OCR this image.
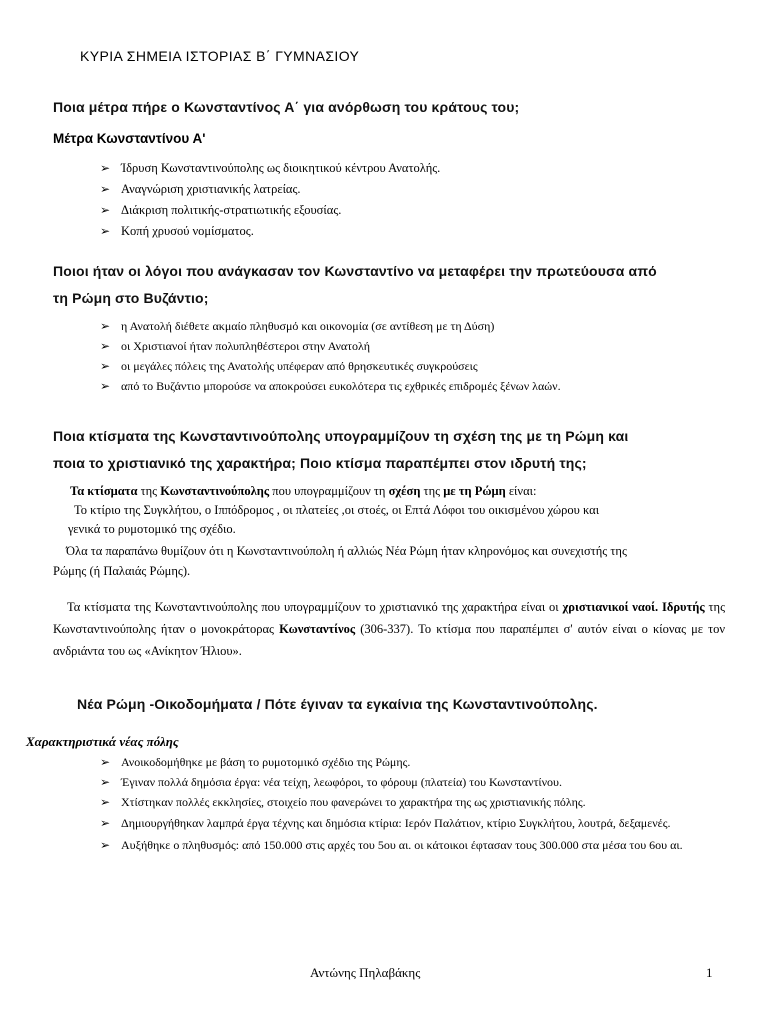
ΚΥΡΙΑ ΣΗΜΕΙΑ ΙΣΤΟΡΙΑΣ Β΄ ΓΥΜΝΑΣΙΟΥ
Ποια μέτρα πήρε ο Κωνσταντίνος Α΄ για ανόρθωση του κράτους του;
Μέτρα Κωνσταντίνου Α'
➢ Ίδρυση Κωνσταντινούπολης ως διοικητικού κέντρου Ανατολής.
➢ Αναγνώριση χριστιανικής λατρείας.
➢ Διάκριση πολιτικής-στρατιωτικής εξουσίας.
➢ Κοπή χρυσού νομίσματος.
Ποιοι ήταν οι λόγοι που ανάγκασαν τον Κωνσταντίνο να μεταφέρει την πρωτεύουσα από
τη Ρώμη στο Βυζάντιο;
➢ η Ανατολή διέθετε ακμαίο πληθυσμό και οικονομία (σε αντίθεση με τη Δύση)
➢ οι Χριστιανοί ήταν πολυπληθέστεροι στην Ανατολή
➢ οι μεγάλες πόλεις της Ανατολής υπέφεραν από θρησκευτικές συγκρούσεις
➢ από το Βυζάντιο μπορούσε να αποκρούσει ευκολότερα τις εχθρικές επιδρομές ξένων λαών.
Ποια κτίσματα της Κωνσταντινούπολης υπογραμμίζουν τη σχέση της με τη Ρώμη και
ποια το χριστιανικό της χαρακτήρα; Ποιο κτίσμα παραπέμπει στον ιδρυτή της;
Τα κτίσματα της Κωνσταντινούπολης που υπογραμμίζουν τη σχέση της με τη Ρώμη είναι:
Το κτίριο της Συγκλήτου, ο Ιππόδρομος , οι πλατείες ,οι στοές, οι Επτά Λόφοι του οικισμένου χώρου και
γενικά το ρυμοτομικό της σχέδιο.
Όλα τα παραπάνω θυμίζουν ότι η Κωνσταντινούπολη ή αλλιώς Νέα Ρώμη ήταν κληρονόμος και συνεχιστής της
Ρώμης (ή Παλαιάς Ρώμης).
Τα κτίσματα της Κωνσταντινούπολης που υπογραμμίζουν το χριστιανικό της χαρακτήρα είναι οι χριστιανικοί ναοί. Ιδρυτής της Κωνσταντινούπολης ήταν ο μονοκράτορας Κωνσταντίνος (306-337). Το κτίσμα που παραπέμπει σ' αυτόν είναι ο κίονας με τον ανδριάντα του ως «Ανίκητον Ήλιου».
Νέα Ρώμη -Οικοδομήματα / Πότε έγιναν τα εγκαίνια της Κωνσταντινούπολης.
Χαρακτηριστικά νέας πόλης
➢ Ανοικοδομήθηκε με βάση το ρυμοτομικό σχέδιο της Ρώμης.
➢ Έγιναν πολλά δημόσια έργα: νέα τείχη, λεωφόροι, το φόρουμ (πλατεία) του Κωνσταντίνου.
➢ Χτίστηκαν πολλές εκκλησίες, στοιχείο που φανερώνει το χαρακτήρα της ως χριστιανικής πόλης.
➢ Δημιουργήθηκαν λαμπρά έργα τέχνης και δημόσια κτίρια: Ιερόν Παλάτιον, κτίριο Συγκλήτου, λουτρά, δεξαμενές.
➢ Αυξήθηκε ο πληθυσμός: από 150.000 στις αρχές του 5ου αι. οι κάτοικοι έφτασαν τους 300.000 στα μέσα του 6ου αι.
Αντώνης Πηλαβάκης	1
